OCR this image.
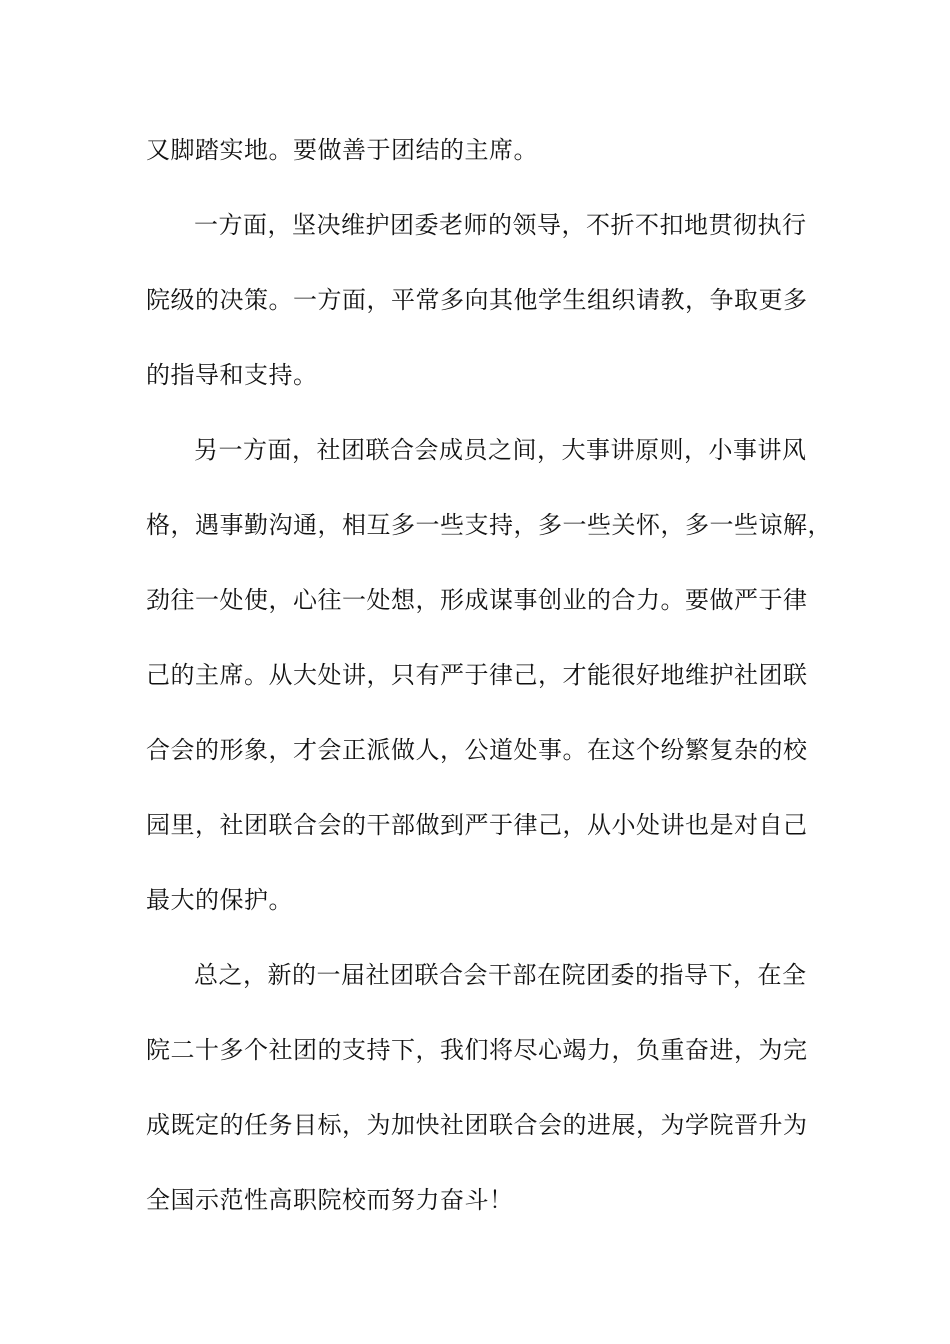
又脚踏实地。要做善于团结的主席。
一方面，坚决维护团委老师的领导，不折不扣地贯彻执行
院级的决策。一方面，平常多向其他学生组织请教，争取更多
的指导和支持。
另一方面，社团联合会成员之间，大事讲原则，小事讲风
格，遇事勤沟通，相互多一些支持，多一些关怀，多一些谅解，
劲往一处使，心往一处想，形成谋事创业的合力。要做严于律
己的主席。从大处讲，只有严于律己，才能很好地维护社团联
合会的形象，才会正派做人，公道处事。在这个纷繁复杂的校
园里，社团联合会的干部做到严于律己，从小处讲也是对自己
最大的保护。
总之，新的一届社团联合会干部在院团委的指导下，在全
院二十多个社团的支持下，我们将尽心竭力，负重奋进，为完
成既定的任务目标，为加快社团联合会的进展，为学院晋升为
全国示范性高职院校而努力奋斗！
